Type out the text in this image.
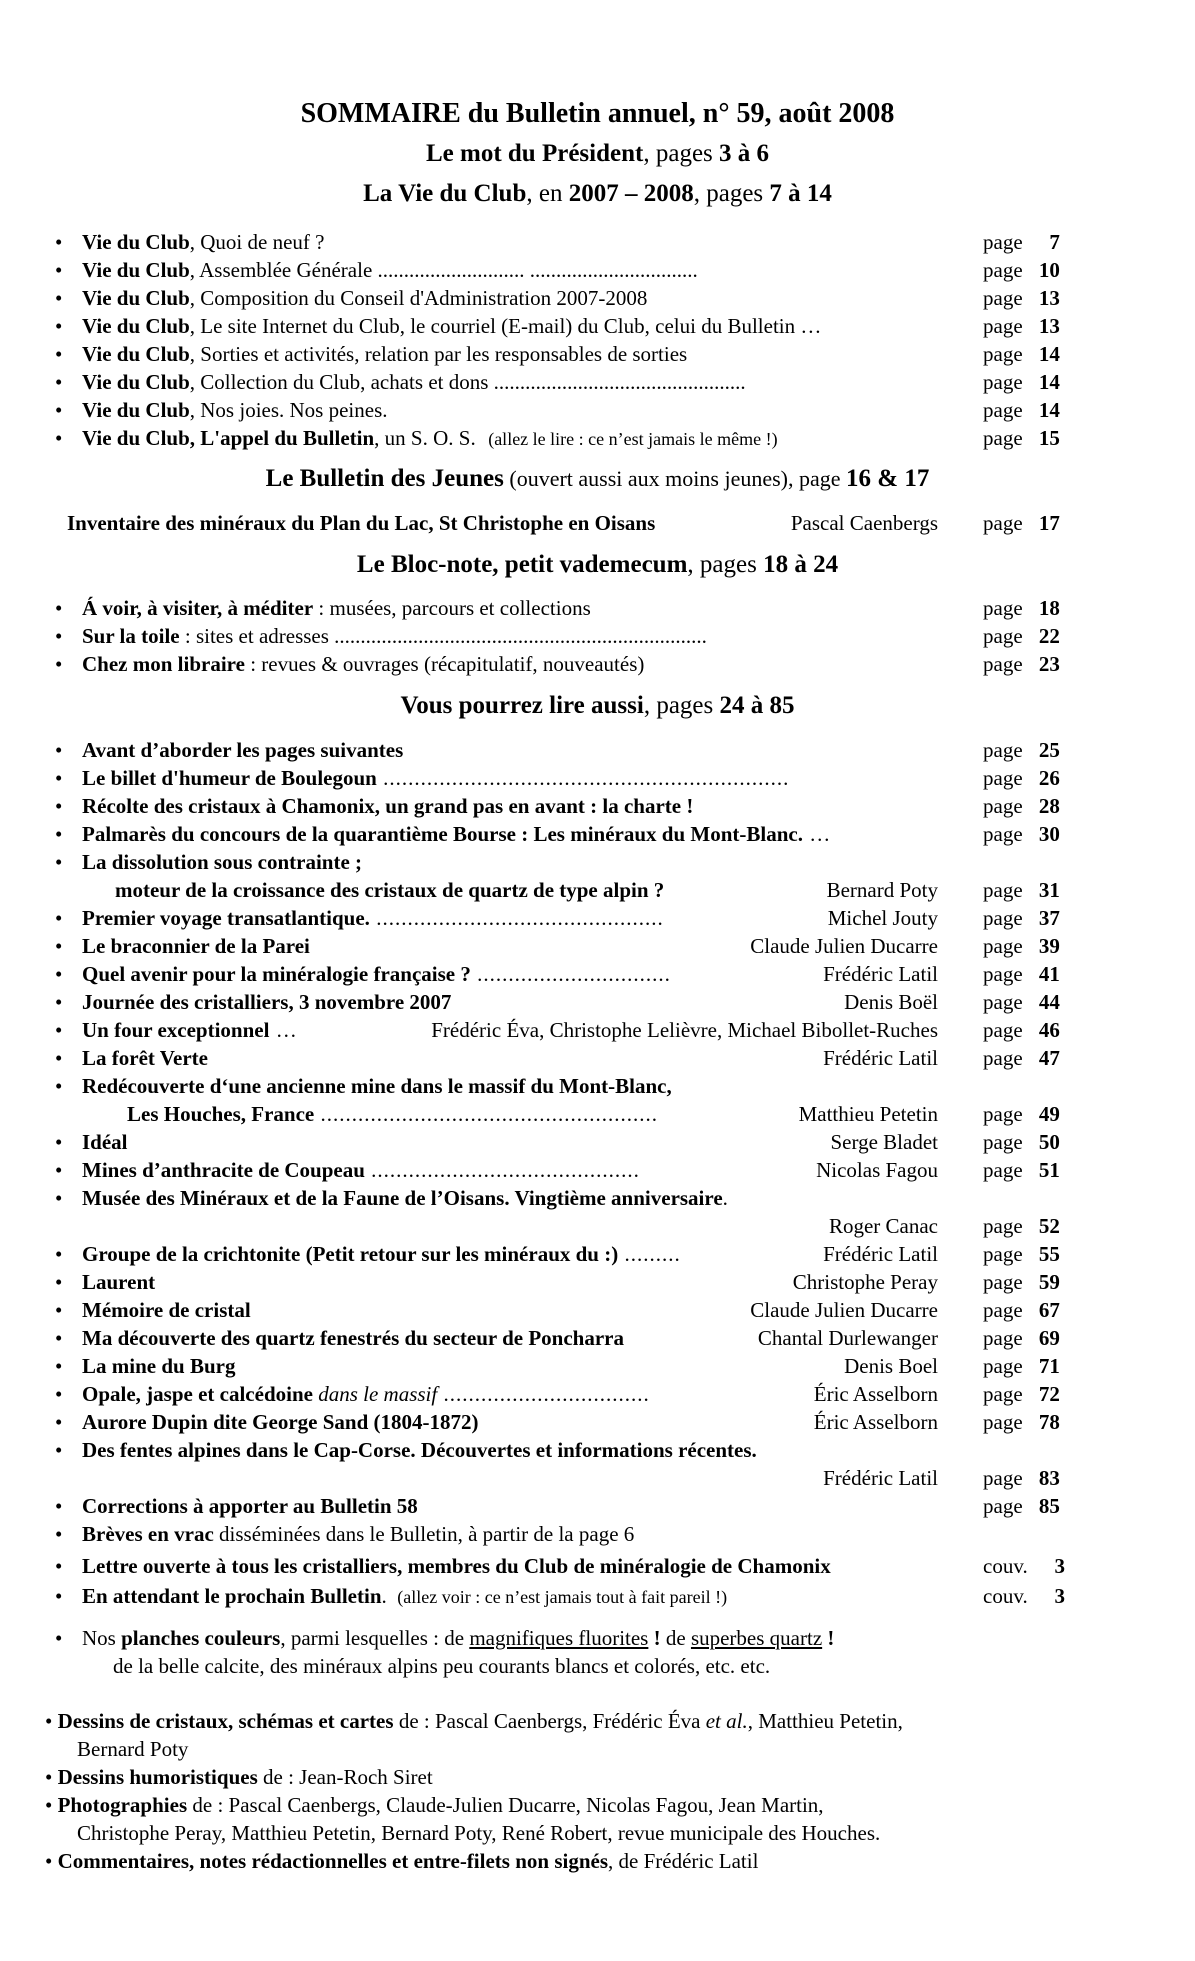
SOMMAIRE du Bulletin annuel, n° 59, août 2008
Le mot du Président, pages 3 à 6
La Vie du Club, en 2007 – 2008, pages 7 à 14
• Vie du Club, Quoi de neuf ?	page 7
• Vie du Club, Assemblée Générale ............................ ................................	page 10
• Vie du Club, Composition du Conseil d'Administration 2007-2008	page 13
• Vie du Club, Le site Internet du Club, le courriel (E-mail) du Club, celui du Bulletin …	page 13
• Vie du Club, Sorties et activités, relation par les responsables de sorties	page 14
• Vie du Club, Collection du Club, achats et dons ................................................	page 14
• Vie du Club, Nos joies. Nos peines.	page 14
• Vie du Club, L'appel du Bulletin, un S. O. S. (allez le lire : ce n’est jamais le même !)	page 15
Le Bulletin des Jeunes (ouvert aussi aux moins jeunes), page 16 & 17
Inventaire des minéraux du Plan du Lac, St Christophe en Oisans	Pascal Caenbergs page 17
Le Bloc-note, petit vademecum, pages 18 à 24
• Á voir, à visiter, à méditer : musées, parcours et collections	page 18
• Sur la toile : sites et adresses .......................................................................	page 22
• Chez mon libraire : revues & ouvrages (récapitulatif, nouveautés)	page 23
Vous pourrez lire aussi, pages 24 à 85
• Avant d’aborder les pages suivantes	page 25
• Le billet d'humeur de Boulegoun .................................................................	page 26
• Récolte des cristaux à Chamonix, un grand pas en avant : la charte !	page 28
• Palmarès du concours de la quarantième Bourse : Les minéraux du Mont-Blanc. …	page 30
• La dissolution sous contrainte ;
moteur de la croissance des cristaux de quartz de type alpin ?	Bernard Poty page 31
• Premier voyage transatlantique. ..............................................	Michel Jouty page 37
• Le braconnier de la Parei	Claude Julien Ducarre page 39
• Quel avenir pour la minéralogie française ? ...............................	Frédéric Latil page 41
• Journée des cristalliers, 3 novembre 2007	Denis Boël page 44
• Un four exceptionnel …	Frédéric Éva, Christophe Lelièvre, Michael Bibollet-Ruches page 46
• La forêt Verte	Frédéric Latil page 47
• Redécouverte d‘une ancienne mine dans le massif du Mont-Blanc,
Les Houches, France ......................................................	Matthieu Petetin page 49
• Idéal	Serge Bladet page 50
• Mines d’anthracite de Coupeau ...........................................	Nicolas Fagou page 51
• Musée des Minéraux et de la Faune de l’Oisans. Vingtième anniversaire.
Roger Canac page 52
• Groupe de la crichtonite (Petit retour sur les minéraux du :) .........	Frédéric Latil page 55
• Laurent	Christophe Peray page 59
• Mémoire de cristal	Claude Julien Ducarre page 67
• Ma découverte des quartz fenestrés du secteur de Poncharra	Chantal Durlewanger page 69
• La mine du Burg	Denis Boel page 71
• Opale, jaspe et calcédoine dans le massif .................................	Éric Asselborn page 72
• Aurore Dupin dite George Sand (1804-1872)	Éric Asselborn page 78
• Des fentes alpines dans le Cap-Corse. Découvertes et informations récentes.
Frédéric Latil page 83
• Corrections à apporter au Bulletin 58	page 85
• Brèves en vrac disséminées dans le Bulletin, à partir de la page 6
• Lettre ouverte à tous les cristalliers, membres du Club de minéralogie de Chamonix	couv. 3
• En attendant le prochain Bulletin. (allez voir : ce n’est jamais tout à fait pareil !)	couv. 3
• Nos planches couleurs, parmi lesquelles : de magnifiques fluorites ! de superbes quartz !
de la belle calcite, des minéraux alpins peu courants blancs et colorés, etc. etc.
• Dessins de cristaux, schémas et cartes de : Pascal Caenbergs, Frédéric Éva et al., Matthieu Petetin,
Bernard Poty
• Dessins humoristiques de : Jean-Roch Siret
• Photographies de : Pascal Caenbergs, Claude-Julien Ducarre, Nicolas Fagou, Jean Martin,
Christophe Peray, Matthieu Petetin, Bernard Poty, René Robert, revue municipale des Houches.
• Commentaires, notes rédactionnelles et entre-filets non signés, de Frédéric Latil
